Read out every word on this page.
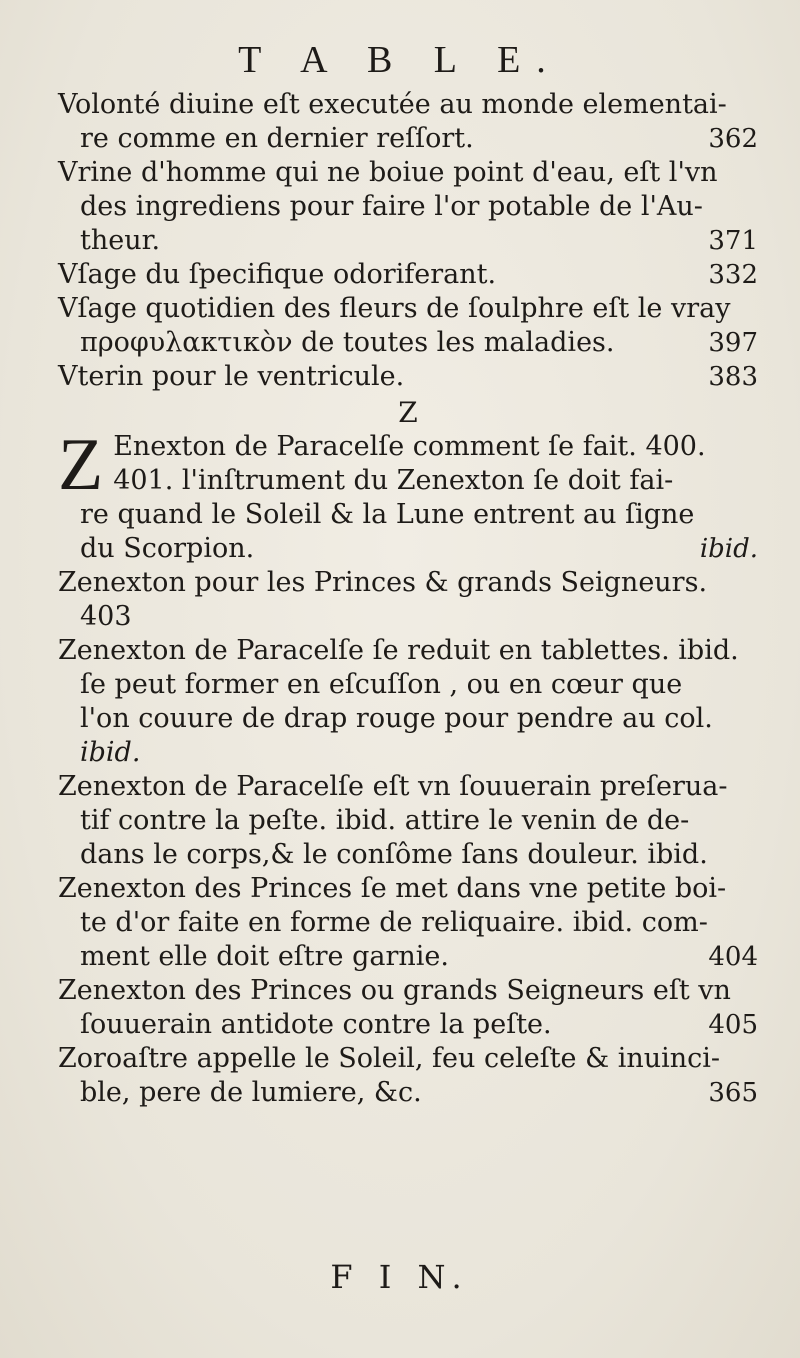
T A B L E.
Volonté diuine eſt executée au monde elementai-
re comme en dernier reſſort.	362
Vrine d'homme qui ne boiue point d'eau, eſt l'vn
des ingrediens pour faire l'or potable de l'Au-
theur.	371
Vſage du ſpecifique odoriferant.	332
Vſage quotidien des fleurs de ſoulphre eſt le vray
προφυλακτικὸν de toutes les maladies.	397
Vterin pour le ventricule.	383
Z
Z Enexton de Paracelſe comment ſe fait. 400.
401. l'inſtrument du Zenexton ſe doit fai-
re quand le Soleil & la Lune entrent au ſigne
du Scorpion.	ibid.
Zenexton pour les Princes & grands Seigneurs.
403
Zenexton de Paracelſe ſe reduit en tablettes. ibid.
ſe peut former en eſcuſſon , ou en cœur que
l'on couure de drap rouge pour pendre au col.
ibid.
Zenexton de Paracelſe eſt vn ſouuerain preſerua-
tif contre la peſte. ibid. attire le venin de de-
dans le corps,& le conſôme ſans douleur. ibid.
Zenexton des Princes ſe met dans vne petite boi-
te d'or faite en forme de reliquaire. ibid. com-
ment elle doit eſtre garnie.	404
Zenexton des Princes ou grands Seigneurs eſt vn
ſouuerain antidote contre la peſte.	405
Zoroaſtre appelle le Soleil, feu celeſte & inuinci-
ble, pere de lumiere, &c.	365
F I N.
